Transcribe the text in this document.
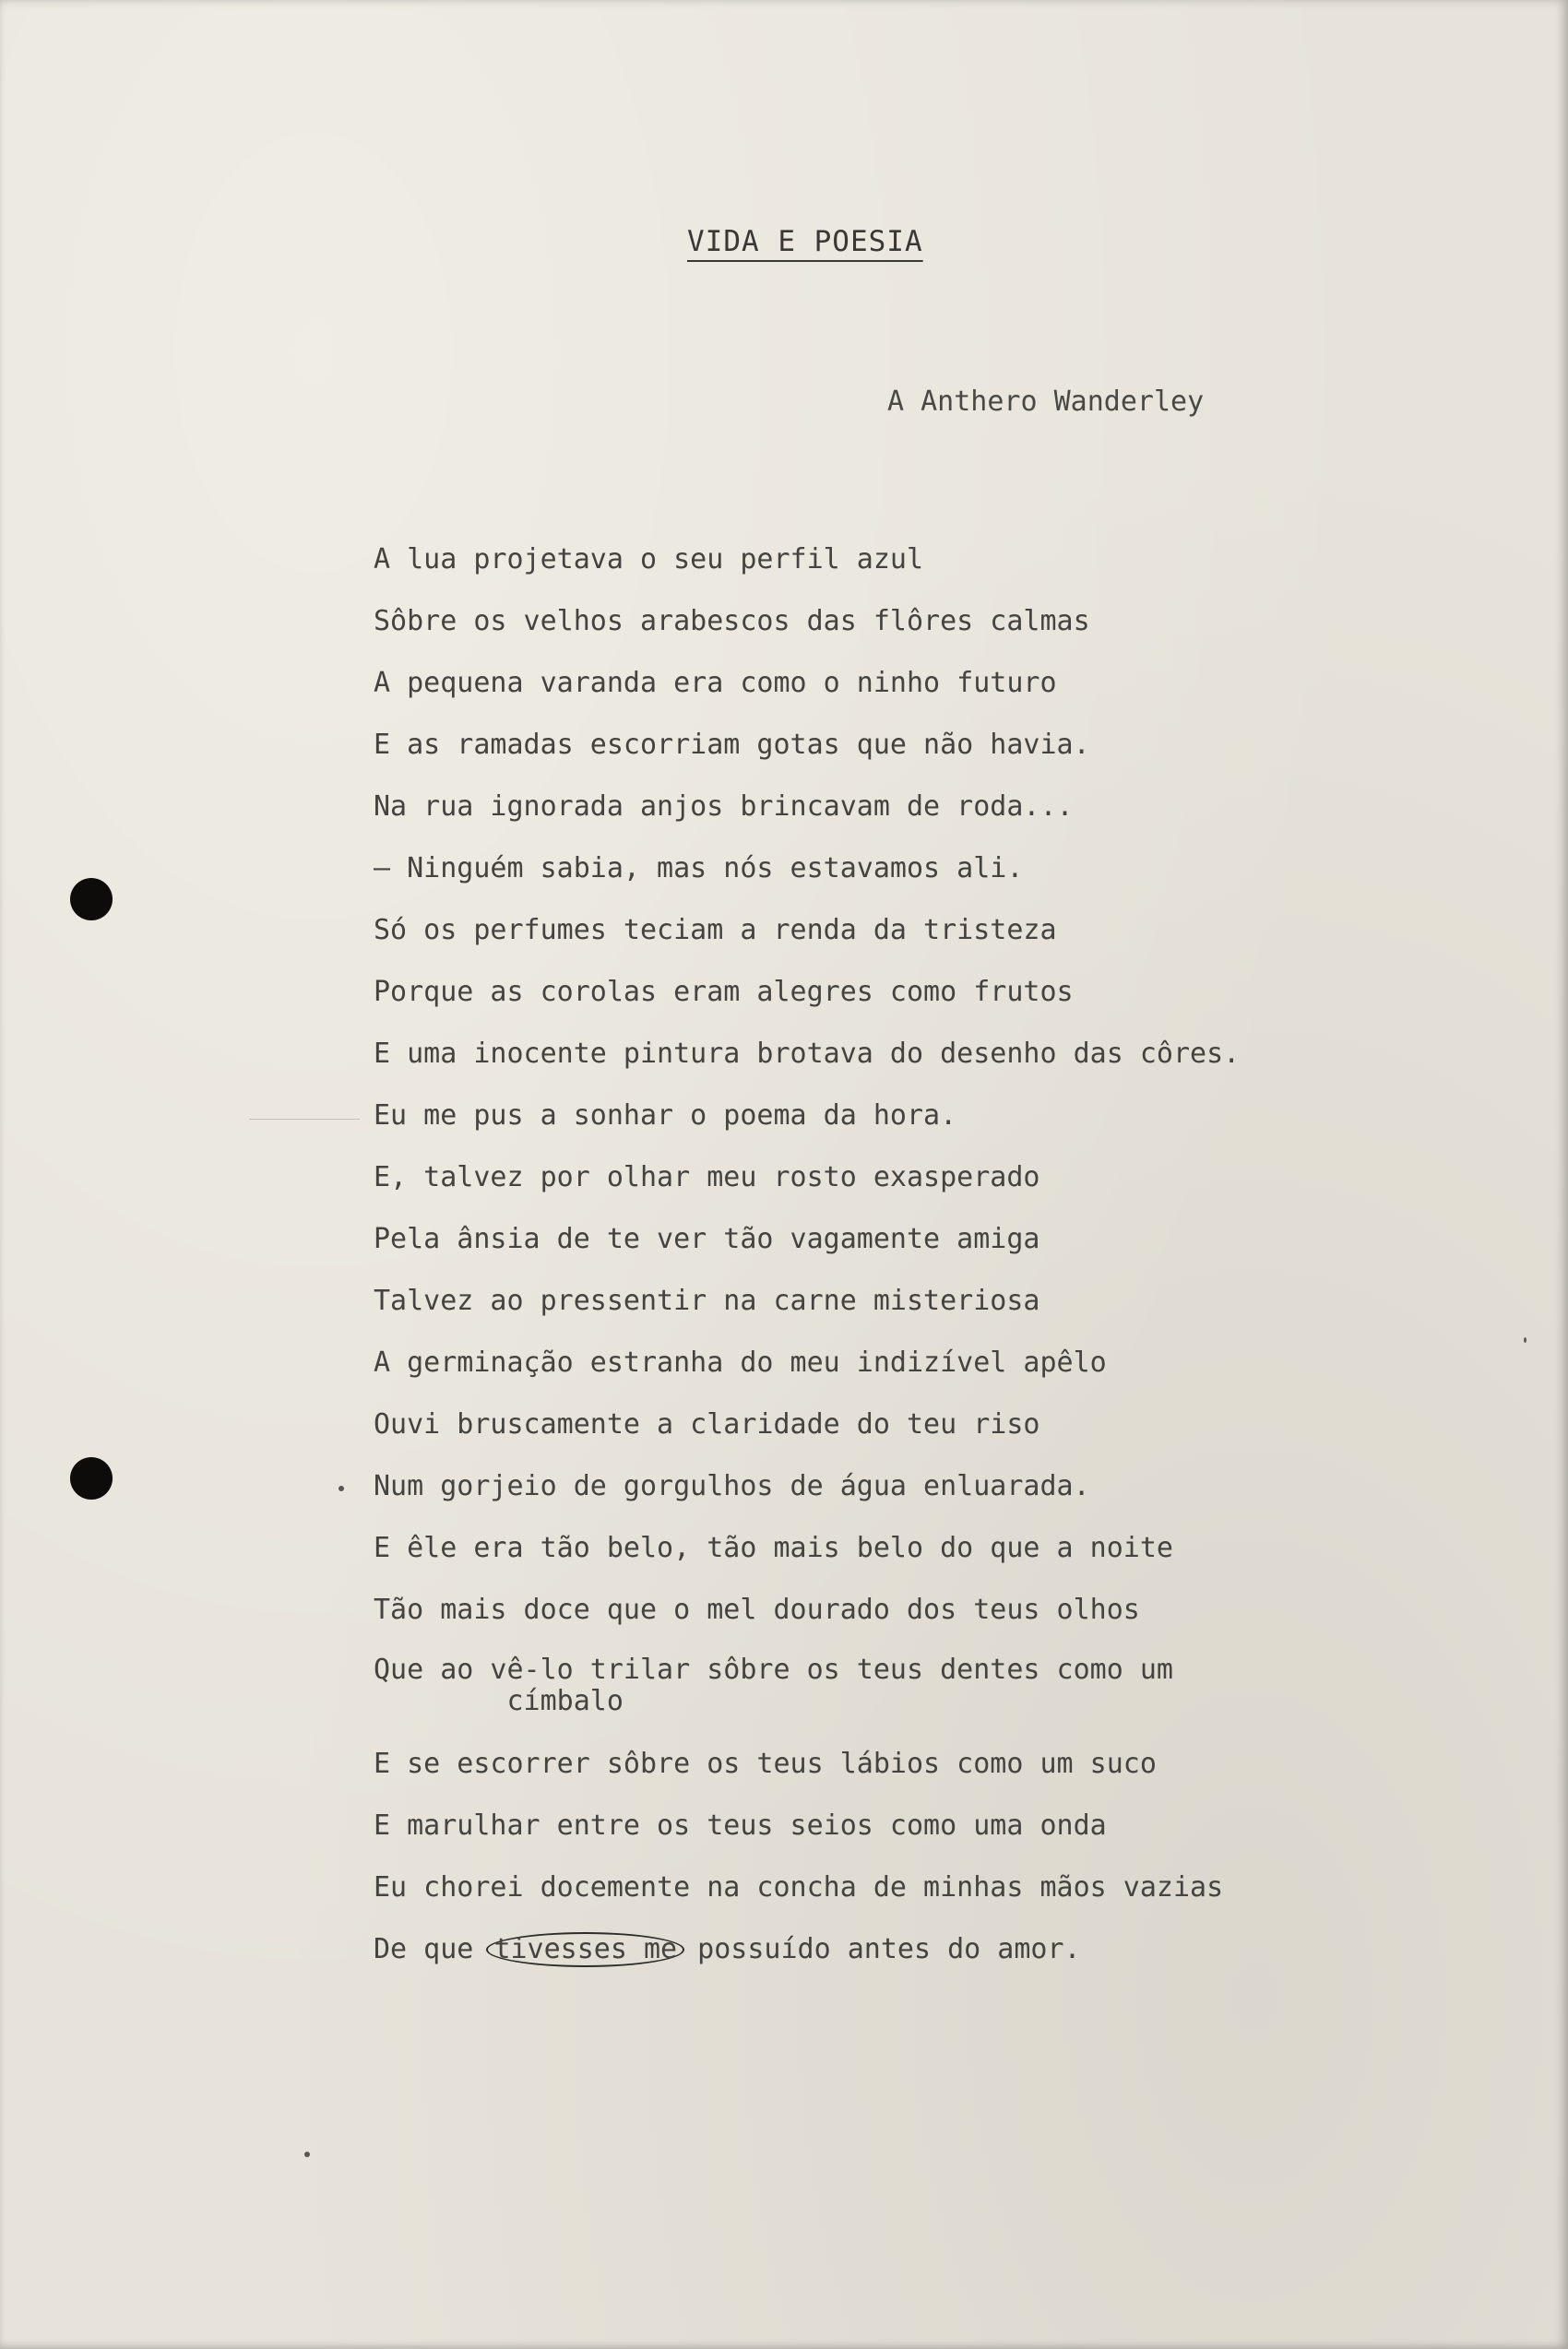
VIDA E POESIA
A Anthero Wanderley
A lua projetava o seu perfil azul
Sôbre os velhos arabescos das flôres calmas
A pequena varanda era como o ninho futuro
E as ramadas escorriam gotas que não havia.
Na rua ignorada anjos brincavam de roda...
— Ninguém sabia, mas nós estavamos ali.
Só os perfumes teciam a renda da tristeza
Porque as corolas eram alegres como frutos
E uma inocente pintura brotava do desenho das côres.
Eu me pus a sonhar o poema da hora.
E, talvez por olhar meu rosto exasperado
Pela ânsia de te ver tão vagamente amiga
Talvez ao pressentir na carne misteriosa
A germinação estranha do meu indizível apêlo
Ouvi bruscamente a claridade do teu riso
Num gorjeio de gorgulhos de água enluarada.
E êle era tão belo, tão mais belo do que a noite
Tão mais doce que o mel dourado dos teus olhos
Que ao vê-lo trilar sôbre os teus dentes como um
címbalo
E se escorrer sôbre os teus lábios como um suco
E marulhar entre os teus seios como uma onda
Eu chorei docemente na concha de minhas mãos vazias
De que tivesses me possuído antes do amor.
